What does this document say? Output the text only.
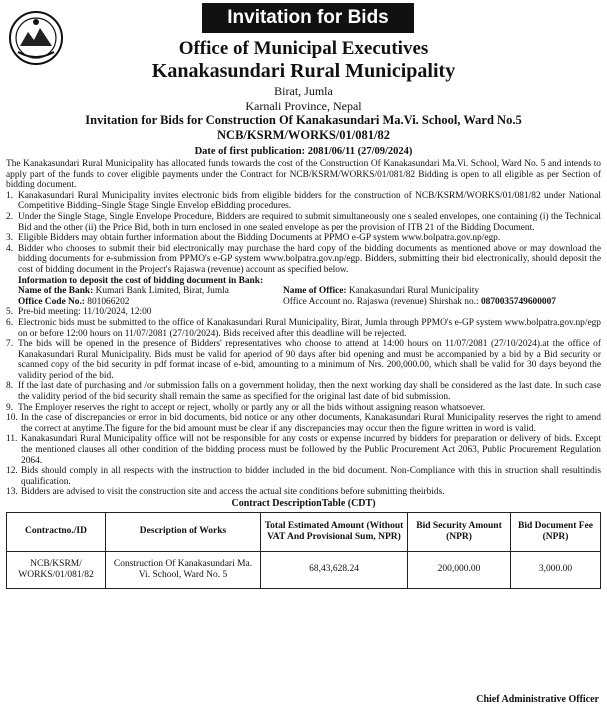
Invitation for Bids
Office of Municipal Executives
Kanakasundari Rural Municipality
Birat, Jumla
Karnali Province, Nepal
Invitation for Bids for Construction Of Kanakasundari Ma.Vi. School, Ward No.5
NCB/KSRM/WORKS/01/081/82
Date of first publication: 2081/06/11 (27/09/2024)

The Kanakasundari Rural Municipality has allocated funds towards the cost of the Construction Of Kanakasundari Ma.Vi. School, Ward No. 5 and intends to apply part of the funds to cover eligible payments under the Contract for NCB/KSRM/WORKS/01/081/82 Bidding is open to all eligible as per Section of bidding document.

1. Kanakasundari Rural Municipality invites electronic bids from eligible bidders for the construction of NCB/KSRM/WORKS/01/081/82 under National Competitive Bidding–Single Stage Single Envelop eBidding procedures.
2. Under the Single Stage, Single Envelope Procedure, Bidders are required to submit simultaneously one s sealed envelopes, one containing (i) the Technical Bid and the other (ii) the Price Bid, both in turn enclosed in one sealed envelope as per the provision of ITB 21 of the Bidding Document.
3. Eligible Bidders may obtain further information about the Bidding Documents at PPMO e-GP system www.bolpatra.gov.np/egp.
4. Bidder who chooses to submit their bid electronically may purchase the hard copy of the bidding documents as mentioned above or may download the bidding documents for e-submission from PPMO's e-GP system www.bolpatra.gov.np/egp. Bidders, submitting their bid electronically, should deposit the cost of bidding document in the Project's Rajaswa (revenue) account as specified below.
Information to deposit the cost of bidding document in Bank:
Name of the Bank: Kumari Bank Limited, Birat, Jumla	Name of Office: Kanakasundari Rural Municipality
Office Code No.: 801066202	Office Account no. Rajaswa (revenue) Shirshak no.: 0870035749600007
5. Pre-bid meeting: 11/10/2024, 12:00
6. Electronic bids must be submitted to the office of Kanakasundari Rural Municipality, Birat, Jumla through PPMO's e-GP system www.bolpatra.gov.np/egp on or before 12:00 hours on 11/07/2081 (27/10/2024). Bids received after this deadline will be rejected.
7. The bids will be opened in the presence of Bidders' representatives who choose to attend at 14:00 hours on 11/07/2081 (27/10/2024).at the office of Kanakasundari Rural Municipality. Bids must be valid for aperiod of 90 days after bid opening and must be accompanied by a bid by a Bid security or scanned copy of the bid security in pdf format incase of e-bid, amounting to a minimum of Nrs. 200,000.00, which shall be valid for 30 days beyond the validity period of the bid.
8. If the last date of purchasing and /or submission falls on a government holiday, then the next working day shall be considered as the last date. In such case the validity period of the bid security shall remain the same as specified for the original last date of bid submission.
9. The Employer reserves the right to accept or reject, wholly or partly any or all the bids without assigning reason whatsoever.
10. In the case of discrepancies or error in bid documents, bid notice or any other documents, Kanakasundari Rural Municipality reserves the right to amend the correct at anytime.The figure for the bid amount must be clear if any discrepancies may occur then the figure written in word is valid.
11. Kanakasundari Rural Municipality office will not be responsible for any costs or expense incurred by bidders for preparation or delivery of bids. Except the mentioned clauses all other condition of the bidding process must be followed by the Public Procurement Act 2063, Public Procurement Regulation 2064.
12. Bids should comply in all respects with the instruction to bidder included in the bid document. Non-Compliance with this in struction shall resultindis qualification.
13. Bidders are advised to visit the construction site and access the actual site conditions before submitting theirbids.
Contract DescriptionTable (CDT)
Contractno./ID	Description of Works	Total Estimated Amount (Without VAT And Provisional Sum, NPR)	Bid Security Amount (NPR)	Bid Document Fee (NPR)
NCB/KSRM/ WORKS/01/081/82	Construction Of Kanakasundari Ma. Vi. School, Ward No. 5	68,43,628.24	200,000.00	3,000.00
Chief Administrative Officer
